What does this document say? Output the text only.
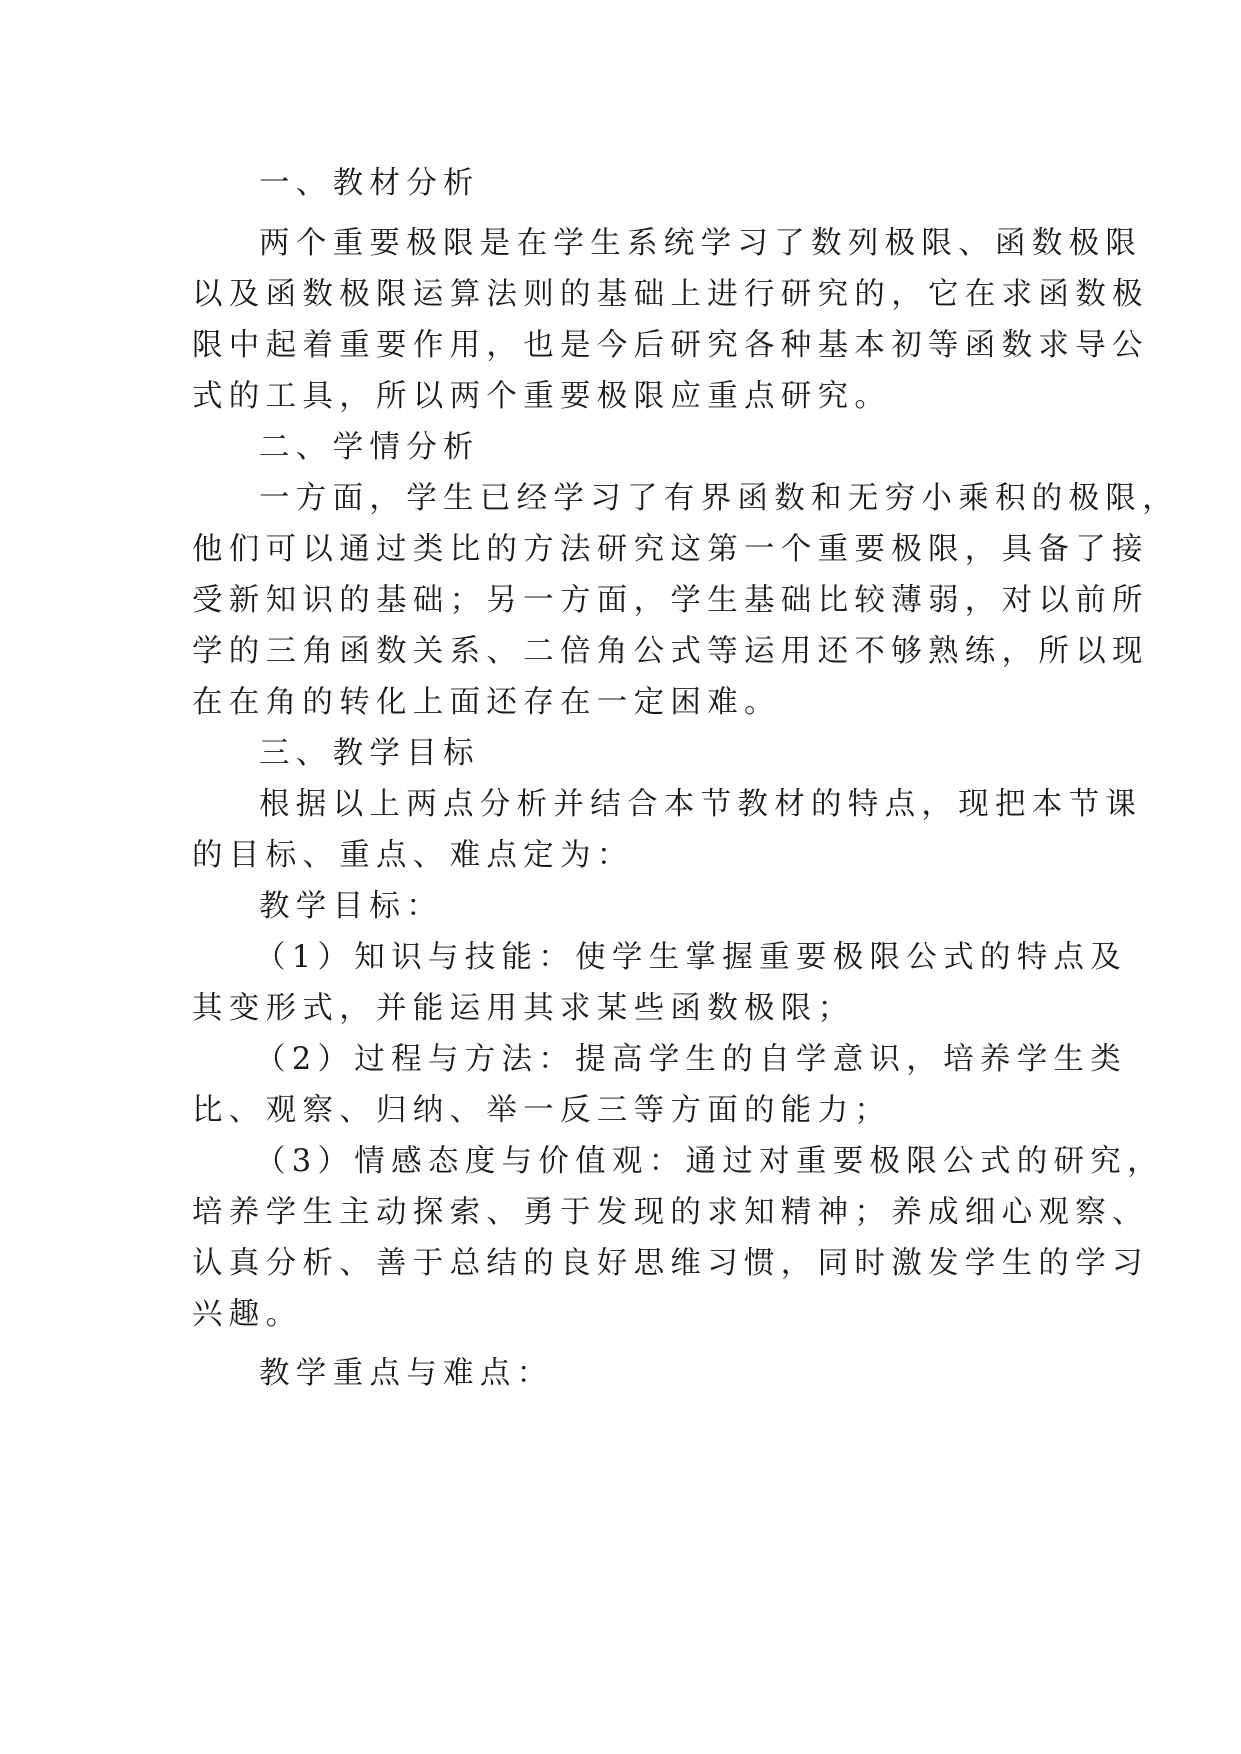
一、教材分析

两个重要极限是在学生系统学习了数列极限、函数极限

以及函数极限运算法则的基础上进行研究的，它在求函数极

限中起着重要作用，也是今后研究各种基本初等函数求导公

式的工具，所以两个重要极限应重点研究。

二、学情分析

一方面，学生已经学习了有界函数和无穷小乘积的极限，

他们可以通过类比的方法研究这第一个重要极限，具备了接

受新知识的基础；另一方面，学生基础比较薄弱，对以前所

学的三角函数关系、二倍角公式等运用还不够熟练，所以现

在在角的转化上面还存在一定困难。

三、教学目标

根据以上两点分析并结合本节教材的特点，现把本节课

的目标、重点、难点定为：

教学目标：

（1）知识与技能：使学生掌握重要极限公式的特点及

其变形式，并能运用其求某些函数极限；

（2）过程与方法：提高学生的自学意识，培养学生类

比、观察、归纳、举一反三等方面的能力；

（3）情感态度与价值观：通过对重要极限公式的研究，

培养学生主动探索、勇于发现的求知精神；养成细心观察、

认真分析、善于总结的良好思维习惯，同时激发学生的学习

兴趣。

教学重点与难点：
